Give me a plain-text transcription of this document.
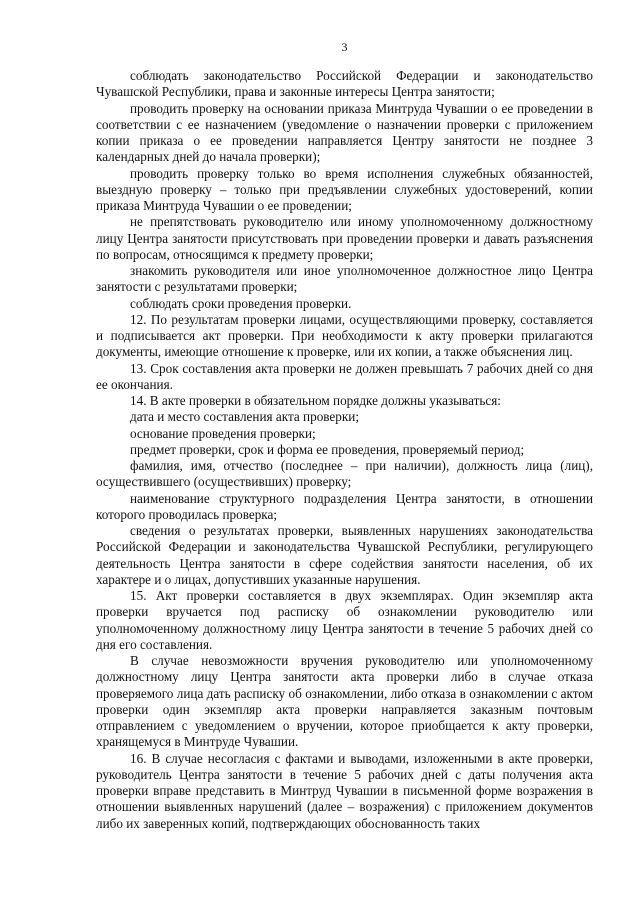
3

соблюдать законодательство Российской Федерации и законодательство Чувашской Республики, права и законные интересы Центра занятости;

проводить проверку на основании приказа Минтруда Чувашии о ее проведении в соответствии с ее назначением (уведомление о назначении проверки с приложением копии приказа о ее проведении направляется Центру занятости не позднее 3 календарных дней до начала проверки);

проводить проверку только во время исполнения служебных обязанностей, выездную проверку – только при предъявлении служебных удостоверений, копии приказа Минтруда Чувашии о ее проведении;

не препятствовать руководителю или иному уполномоченному должностному лицу Центра занятости присутствовать при проведении проверки и давать разъяснения по вопросам, относящимся к предмету проверки;

знакомить руководителя или иное уполномоченное должностное лицо Центра занятости с результатами проверки;

соблюдать сроки проведения проверки.

12. По результатам проверки лицами, осуществляющими проверку, составляется и подписывается акт проверки. При необходимости к акту проверки прилагаются документы, имеющие отношение к проверке, или их копии, а также объяснения лиц.

13. Срок составления акта проверки не должен превышать 7 рабочих дней со дня ее окончания.

14. В акте проверки в обязательном порядке должны указываться:

дата и место составления акта проверки;

основание проведения проверки;

предмет проверки, срок и форма ее проведения, проверяемый период;

фамилия, имя, отчество (последнее – при наличии), должность лица (лиц), осуществившего (осуществивших) проверку;

наименование структурного подразделения Центра занятости, в отношении которого проводилась проверка;

сведения о результатах проверки, выявленных нарушениях законодательства Российской Федерации и законодательства Чувашской Республики, регулирующего деятельность Центра занятости в сфере содействия занятости населения, об их характере и о лицах, допустивших указанные нарушения.

15. Акт проверки составляется в двух экземплярах. Один экземпляр акта проверки вручается под расписку об ознакомлении руководителю или уполномоченному должностному лицу Центра занятости в течение 5 рабочих дней со дня его составления.

В случае невозможности вручения руководителю или уполномоченному должностному лицу Центра занятости акта проверки либо в случае отказа проверяемого лица дать расписку об ознакомлении, либо отказа в ознакомлении с актом проверки один экземпляр акта проверки направляется заказным почтовым отправлением с уведомлением о вручении, которое приобщается к акту проверки, хранящемуся в Минтруде Чувашии.

16. В случае несогласия с фактами и выводами, изложенными в акте проверки, руководитель Центра занятости в течение 5 рабочих дней с даты получения акта проверки вправе представить в Минтруд Чувашии в письменной форме возражения в отношении выявленных нарушений (далее – возражения) с приложением документов либо их заверенных копий, подтверждающих обоснованность таких
